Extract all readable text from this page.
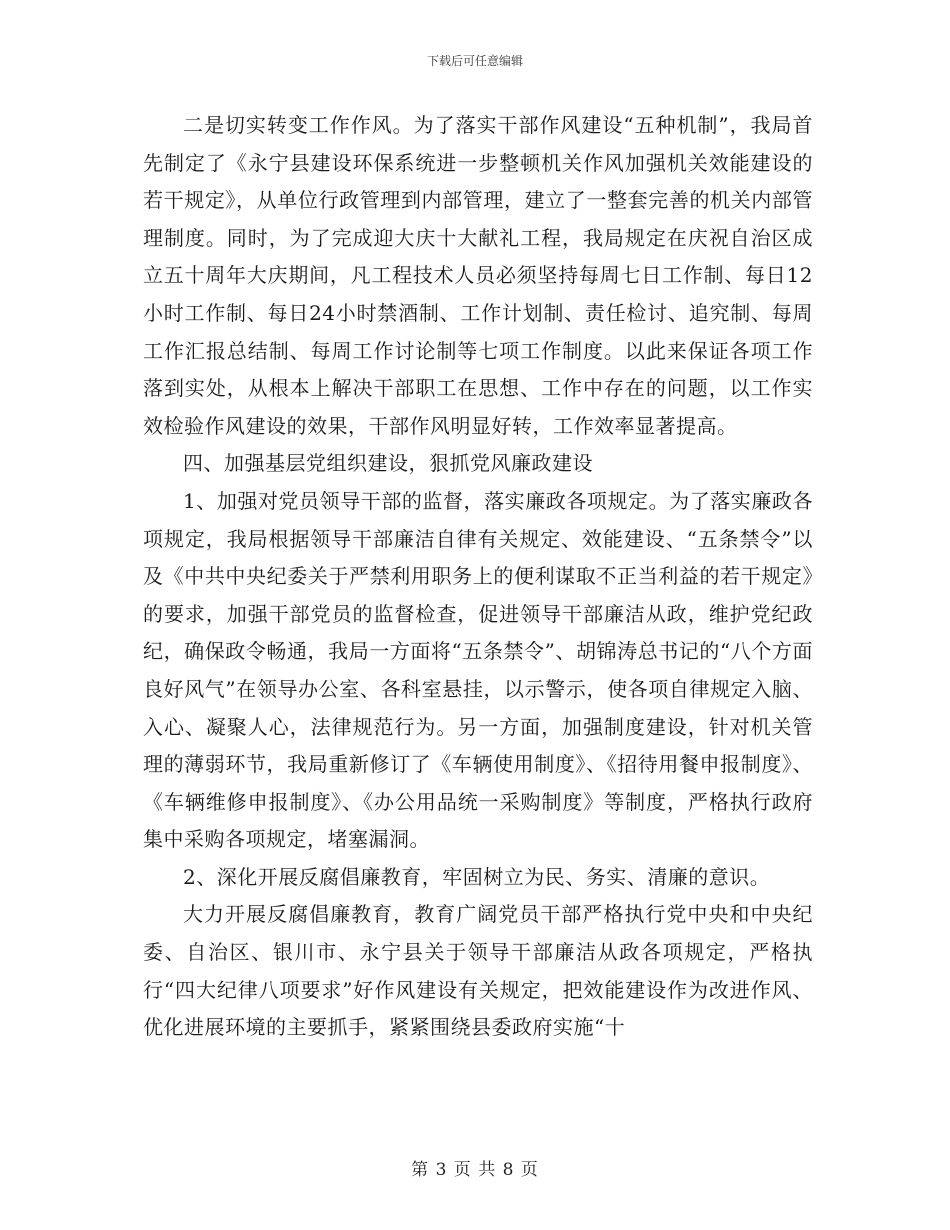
下载后可任意编辑

二是切实转变工作作风。为了落实干部作风建设“五种机制”，我局首先制定了《永宁县建设环保系统进一步整顿机关作风加强机关效能建设的若干规定》，从单位行政管理到内部管理，建立了一整套完善的机关内部管理制度。同时，为了完成迎大庆十大献礼工程，我局规定在庆祝自治区成立五十周年大庆期间，凡工程技术人员必须坚持每周七日工作制、每日12小时工作制、每日24小时禁酒制、工作计划制、责任检讨、追究制、每周工作汇报总结制、每周工作讨论制等七项工作制度。以此来保证各项工作落到实处，从根本上解决干部职工在思想、工作中存在的问题，以工作实效检验作风建设的效果，干部作风明显好转，工作效率显著提高。

四、加强基层党组织建设，狠抓党风廉政建设

1、加强对党员领导干部的监督，落实廉政各项规定。为了落实廉政各项规定，我局根据领导干部廉洁自律有关规定、效能建设、“五条禁令”以及《中共中央纪委关于严禁利用职务上的便利谋取不正当利益的若干规定》的要求，加强干部党员的监督检查，促进领导干部廉洁从政，维护党纪政纪，确保政令畅通，我局一方面将“五条禁令”、胡锦涛总书记的“八个方面良好风气”在领导办公室、各科室悬挂，以示警示，使各项自律规定入脑、入心、凝聚人心，法律规范行为。另一方面，加强制度建设，针对机关管理的薄弱环节，我局重新修订了《车辆使用制度》、《招待用餐申报制度》、《车辆维修申报制度》、《办公用品统一采购制度》等制度，严格执行政府集中采购各项规定，堵塞漏洞。

2、深化开展反腐倡廉教育，牢固树立为民、务实、清廉的意识。

大力开展反腐倡廉教育，教育广阔党员干部严格执行党中央和中央纪委、自治区、银川市、永宁县关于领导干部廉洁从政各项规定，严格执行“四大纪律八项要求”好作风建设有关规定，把效能建设作为改进作风、优化进展环境的主要抓手，紧紧围绕县委政府实施“十

第 3 页 共 8 页
